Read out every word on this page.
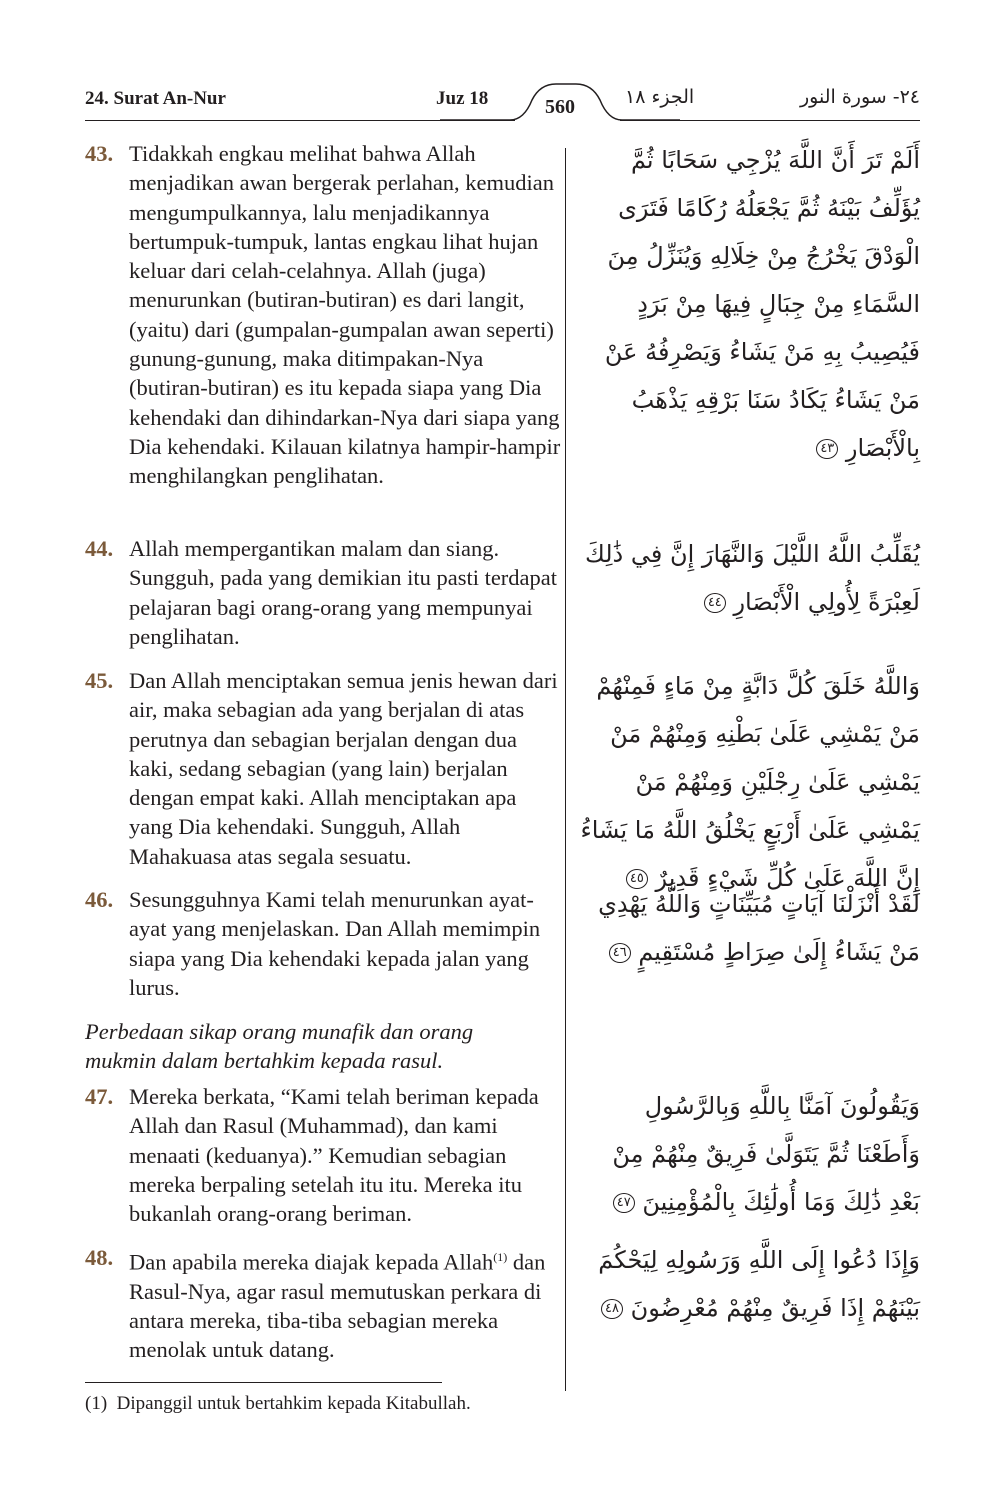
24. Surat An-Nur	Juz 18	560	الجزء ١٨	٢٤- سورة النور
43. Tidakkah engkau melihat bahwa Allah menjadikan awan bergerak perlahan, kemudian mengumpulkannya, lalu menjadikannya bertumpuk-tumpuk, lantas engkau lihat hujan keluar dari celah-celahnya. Allah (juga) menurunkan (butiran-butiran) es dari langit, (yaitu) dari (gumpalan-gumpalan awan seperti) gunung-gunung, maka ditimpakan-Nya (butiran-butiran) es itu kepada siapa yang Dia kehendaki dan dihindarkan-Nya dari siapa yang Dia kehendaki. Kilauan kilatnya hampir-hampir menghilangkan penglihatan.
أَلَمْ تَرَ أَنَّ اللَّهَ يُزْجِي سَحَابًا ثُمَّ يُؤَلِّفُ بَيْنَهُ ثُمَّ يَجْعَلُهُ رُكَامًا فَتَرَى الْوَدْقَ يَخْرُجُ مِنْ خِلَالِهِ وَيُنَزِّلُ مِنَ السَّمَاءِ مِنْ جِبَالٍ فِيهَا مِنْ بَرَدٍ فَيُصِيبُ بِهِ مَنْ يَشَاءُ وَيَصْرِفُهُ عَنْ مَنْ يَشَاءُ يَكَادُ سَنَا بَرْقِهِ يَذْهَبُ بِالْأَبْصَارِ ٤٣
44. Allah mempergantikan malam dan siang. Sungguh, pada yang demikian itu pasti terdapat pelajaran bagi orang-orang yang mempunyai penglihatan.
يُقَلِّبُ اللَّهُ اللَّيْلَ وَالنَّهَارَ إِنَّ فِي ذَٰلِكَ لَعِبْرَةً لِأُولِي الْأَبْصَارِ ٤٤
45. Dan Allah menciptakan semua jenis hewan dari air, maka sebagian ada yang berjalan di atas perutnya dan sebagian berjalan dengan dua kaki, sedang sebagian (yang lain) berjalan dengan empat kaki. Allah menciptakan apa yang Dia kehendaki. Sungguh, Allah Mahakuasa atas segala sesuatu.
وَاللَّهُ خَلَقَ كُلَّ دَابَّةٍ مِنْ مَاءٍ فَمِنْهُمْ مَنْ يَمْشِي عَلَىٰ بَطْنِهِ وَمِنْهُمْ مَنْ يَمْشِي عَلَىٰ رِجْلَيْنِ وَمِنْهُمْ مَنْ يَمْشِي عَلَىٰ أَرْبَعٍ يَخْلُقُ اللَّهُ مَا يَشَاءُ إِنَّ اللَّهَ عَلَىٰ كُلِّ شَيْءٍ قَدِيرٌ ٤٥
46. Sesungguhnya Kami telah menurunkan ayat-ayat yang menjelaskan. Dan Allah memimpin siapa yang Dia kehendaki kepada jalan yang lurus.
لَقَدْ أَنْزَلْنَا آيَاتٍ مُبَيِّنَاتٍ وَاللَّهُ يَهْدِي مَنْ يَشَاءُ إِلَىٰ صِرَاطٍ مُسْتَقِيمٍ ٤٦
Perbedaan sikap orang munafik dan orang mukmin dalam bertahkim kepada rasul.
47. Mereka berkata, “Kami telah beriman kepada Allah dan Rasul (Muhammad), dan kami menaati (keduanya).” Kemudian sebagian mereka berpaling setelah itu itu. Mereka itu bukanlah orang-orang beriman.
وَيَقُولُونَ آمَنَّا بِاللَّهِ وَبِالرَّسُولِ وَأَطَعْنَا ثُمَّ يَتَوَلَّىٰ فَرِيقٌ مِنْهُمْ مِنْ بَعْدِ ذَٰلِكَ وَمَا أُولَٰئِكَ بِالْمُؤْمِنِينَ ٤٧
48. Dan apabila mereka diajak kepada Allah$^{(1)}$ dan Rasul-Nya, agar rasul memutuskan perkara di antara mereka, tiba-tiba sebagian mereka menolak untuk datang.
وَإِذَا دُعُوا إِلَى اللَّهِ وَرَسُولِهِ لِيَحْكُمَ بَيْنَهُمْ إِذَا فَرِيقٌ مِنْهُمْ مُعْرِضُونَ ٤٨
(1) Dipanggil untuk bertahkim kepada Kitabullah.
